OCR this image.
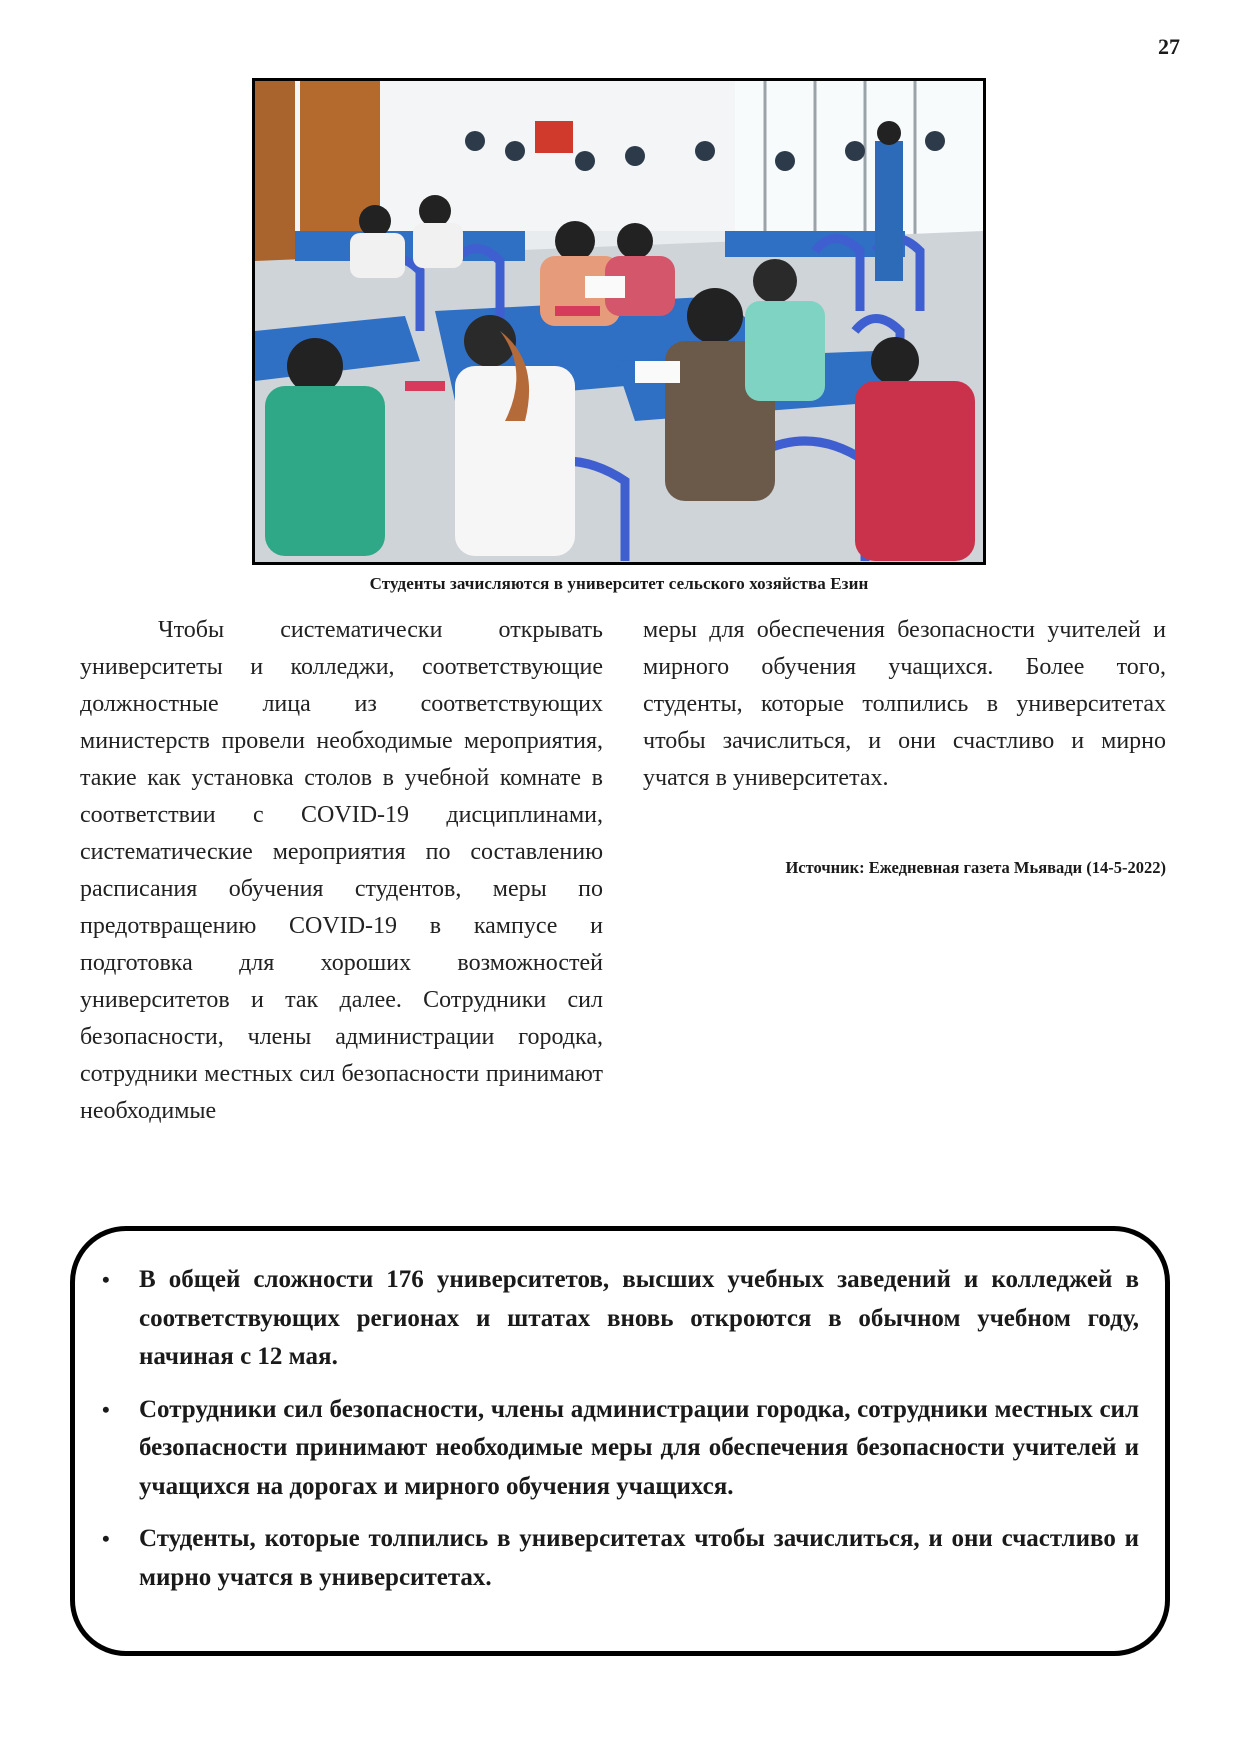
27
Студенты зачисляются в университет сельского хозяйства Езин

Чтобы систематически открывать университеты и колледжи, соответствующие должностные лица из соответствующих министерств провели необходимые мероприятия, такие как установка столов в учебной комнате в соответствии с COVID-19 дисциплинами, систематические мероприятия по составлению расписания обучения студентов, меры по предотвращению COVID-19 в кампусе и подготовка для хороших возможностей университетов и так далее. Сотрудники сил безопасности, члены администрации городка, сотрудники местных сил безопасности принимают необходимые

меры для обеспечения безопасности учителей и мирного обучения учащихся. Более того, студенты, которые толпились в университетах чтобы зачислиться, и они счастливо и мирно учатся в университетах.

Источник: Ежедневная газета Мьявади (14-5-2022)
• В общей сложности 176 университетов, высших учебных заведений и колледжей в соответствующих регионах и штатах вновь откроются в обычном учебном году, начиная с 12 мая.
• Сотрудники сил безопасности, члены администрации городка, сотрудники местных сил безопасности принимают необходимые меры для обеспечения безопасности учителей и учащихся на дорогах и мирного обучения учащихся.
• Студенты, которые толпились в университетах чтобы зачислиться, и они счастливо и мирно учатся в университетах.
